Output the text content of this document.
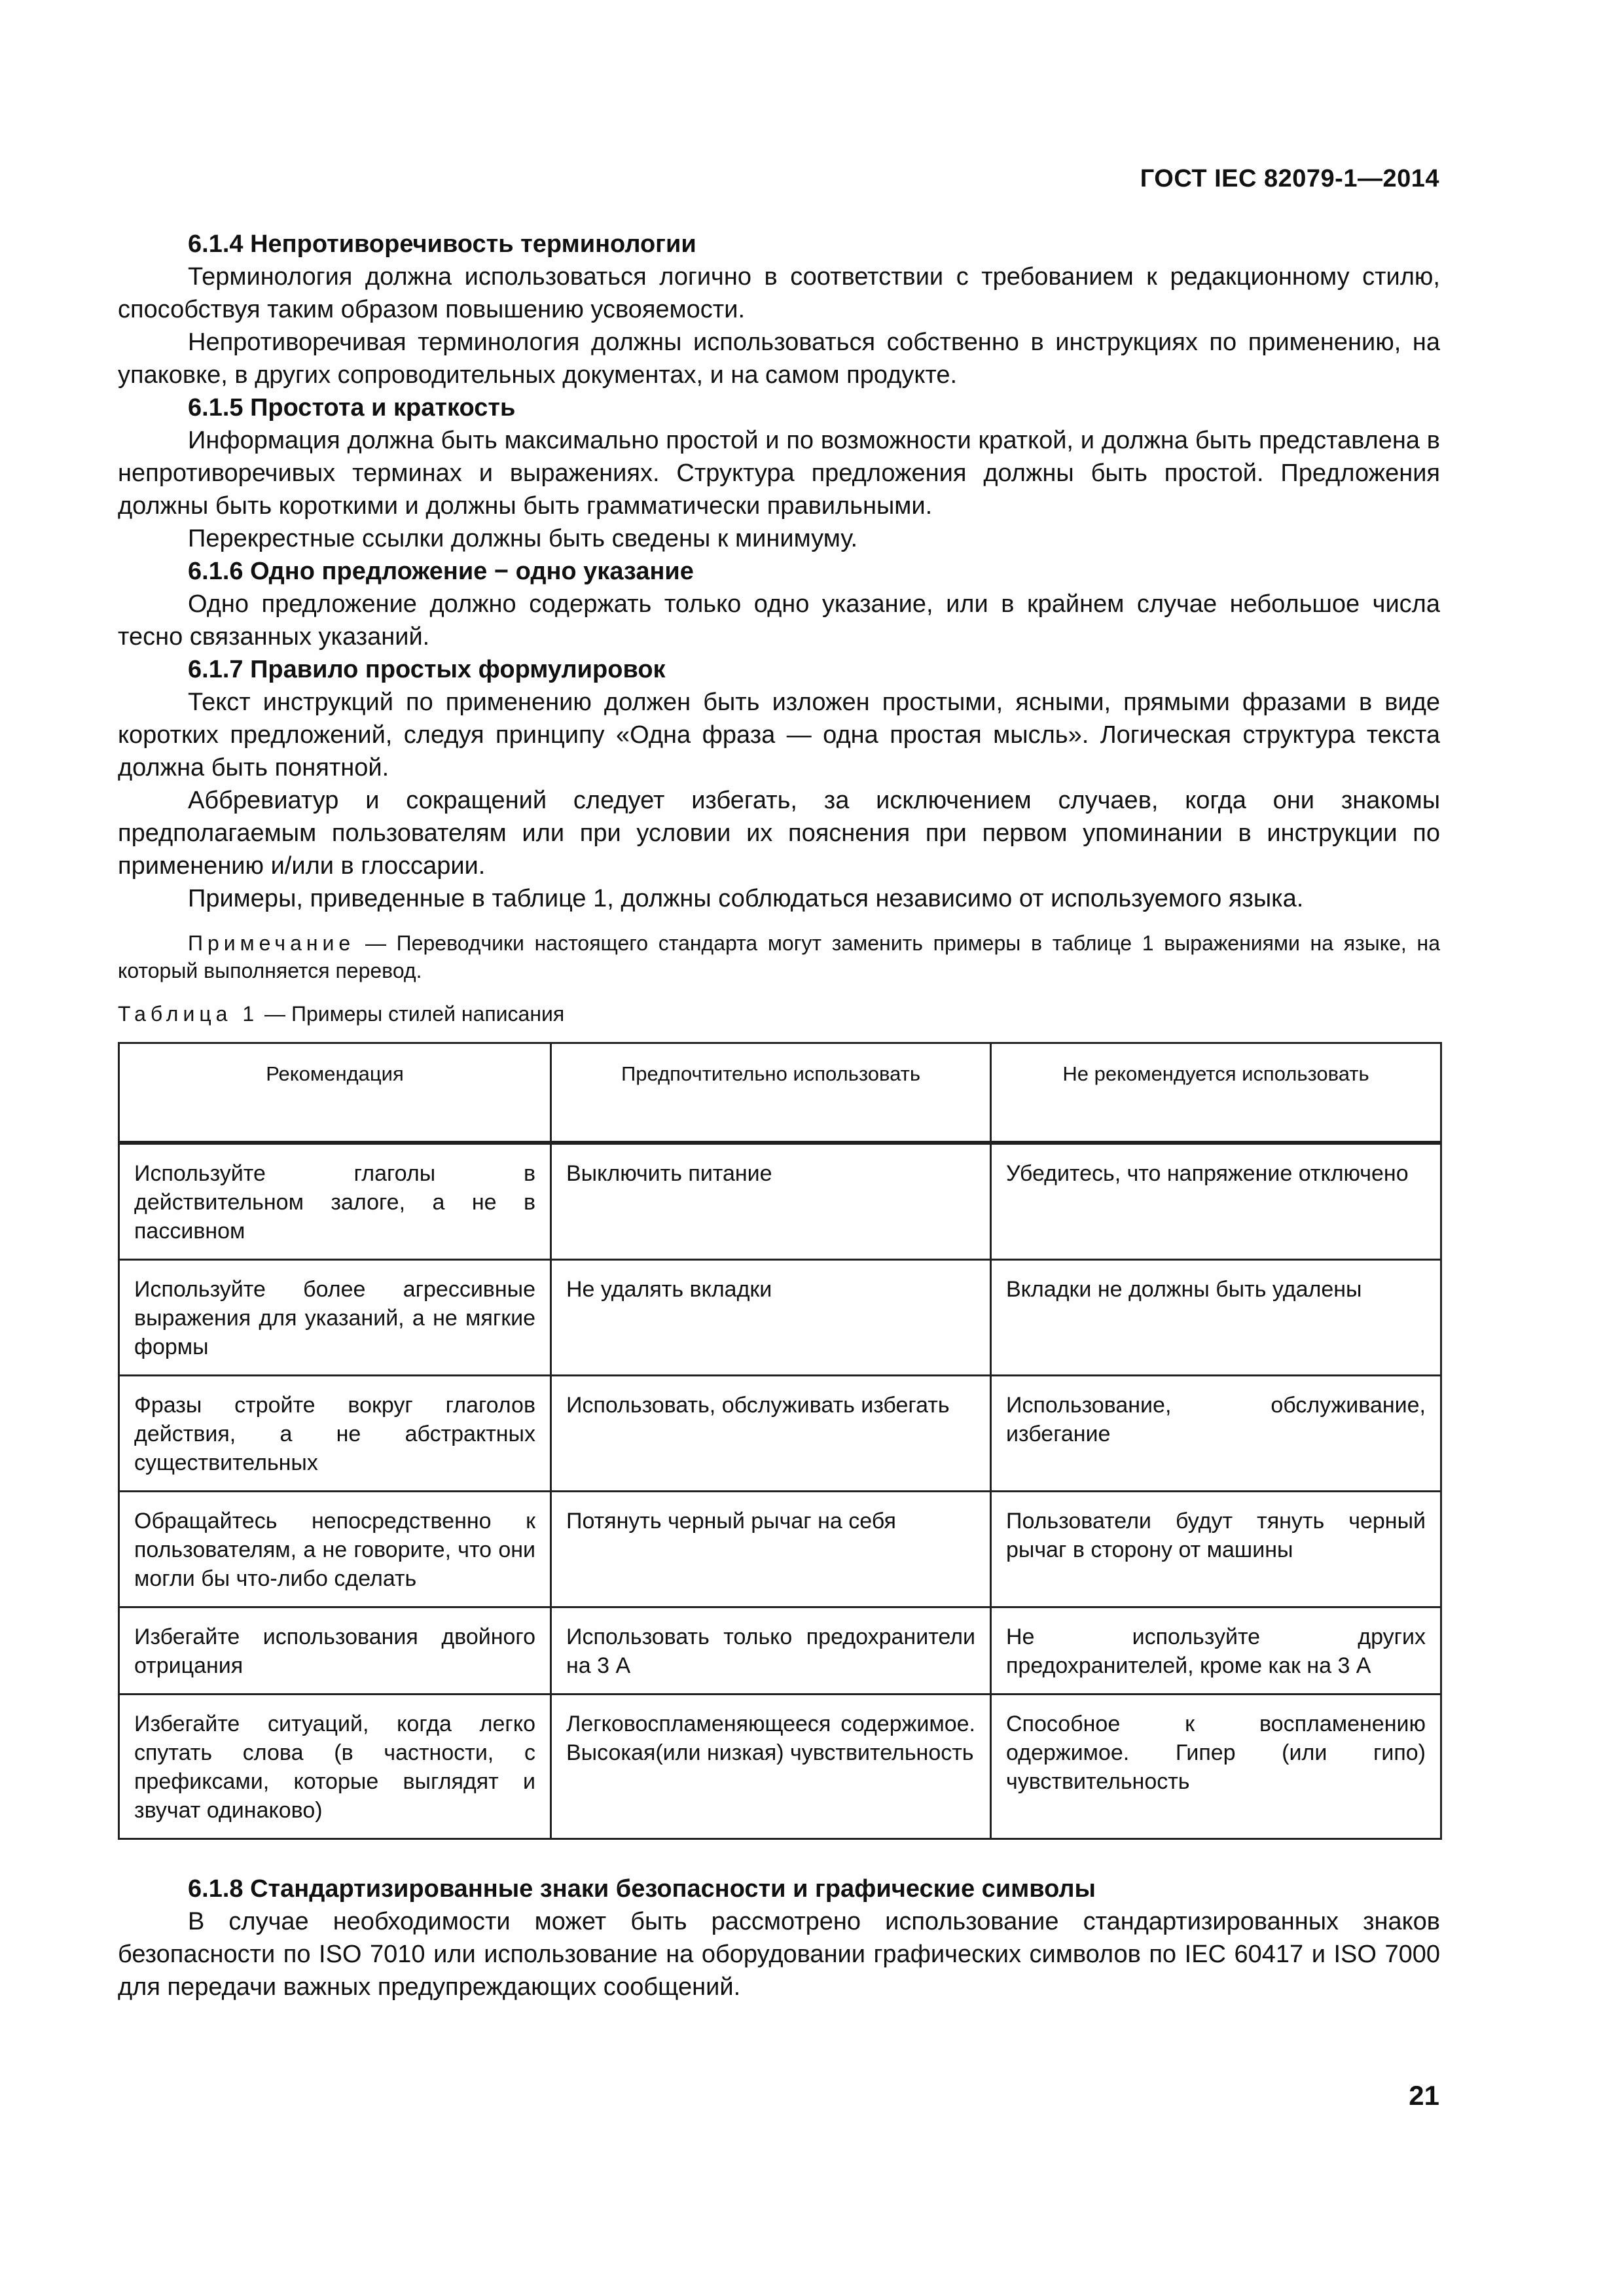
ГОСТ IEC 82079-1—2014
6.1.4 Непротиворечивость терминологии

Терминология должна использоваться логично в соответствии с требованием к редакционному стилю, способствуя таким образом повышению усвояемости.

Непротиворечивая терминология должны использоваться собственно в инструкциях по применению, на упаковке, в других сопроводительных документах, и на самом продукте.

6.1.5 Простота и краткость

Информация должна быть максимально простой и по возможности краткой, и должна быть представлена в непротиворечивых терминах и выражениях. Структура предложения должны быть простой. Предложения должны быть короткими и должны быть грамматически правильными.

Перекрестные ссылки должны быть сведены к минимуму.

6.1.6 Одно предложение − одно указание

Одно предложение должно содержать только одно указание, или в крайнем случае небольшое числа тесно связанных указаний.

6.1.7 Правило простых формулировок

Текст инструкций по применению должен быть изложен простыми, ясными, прямыми фразами в виде коротких предложений, следуя принципу «Одна фраза — одна простая мысль». Логическая структура текста должна быть понятной.

Аббревиатур и сокращений следует избегать, за исключением случаев, когда они знакомы предполагаемым пользователям или при условии их пояснения при первом упоминании в инструкции по применению и/или в глоссарии.

Примеры, приведенные в таблице 1, должны соблюдаться независимо от используемого языка.

Примечание — Переводчики настоящего стандарта могут заменить примеры в таблице 1 выражениями на языке, на который выполняется перевод.

Таблица 1 — Примеры стилей написания

Рекомендация	Предпочтительно использовать	Не рекомендуется использовать
Используйте глаголы в действительном залоге, а не в пассивном	Выключить питание	Убедитесь, что напряжение отключено
Используйте более агрессивные выражения для указаний, а не мягкие формы	Не удалять вкладки	Вкладки не должны быть удалены
Фразы стройте вокруг глаголов действия, а не абстрактных существительных	Использовать, обслуживать избегать	Использование, обслуживание, избегание
Обращайтесь непосредственно к пользователям, а не говорите, что они могли бы что-либо сделать	Потянуть черный рычаг на себя	Пользователи будут тянуть черный рычаг в сторону от машины
Избегайте использования двойного отрицания	Использовать только предохранители на 3 А	Не используйте других предохранителей, кроме как на 3 А
Избегайте ситуаций, когда легко спутать слова (в частности, с префиксами, которые выглядят и звучат одинаково)	Легковоспламеняющееся содержимое. Высокая(или низкая) чувствительность	Способное к воспламенению одержимое. Гипер (или гипо) чувствительность
6.1.8 Стандартизированные знаки безопасности и графические символы

В случае необходимости может быть рассмотрено использование стандартизированных знаков безопасности по ISO 7010 или использование на оборудовании графических символов по IEC 60417 и ISO 7000 для передачи важных предупреждающих сообщений.

21
